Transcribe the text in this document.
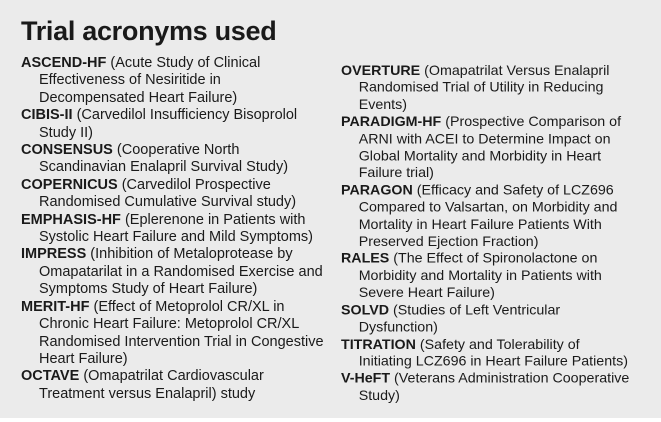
Trial acronyms used

ASCEND-HF (Acute Study of Clinical Effectiveness of Nesiritide in Decompensated Heart Failure)

CIBIS-II (Carvedilol Insufficiency Bisoprolol Study II)

CONSENSUS (Cooperative North Scandinavian Enalapril Survival Study)

COPERNICUS (Carvedilol Prospective Randomised Cumulative Survival study)

EMPHASIS-HF (Eplerenone in Patients with Systolic Heart Failure and Mild Symptoms)

IMPRESS (Inhibition of Metaloprotease by Omapatarilat in a Randomised Exercise and Symptoms Study of Heart Failure)

MERIT-HF (Effect of Metoprolol CR/XL in Chronic Heart Failure: Metoprolol CR/XL Randomised Intervention Trial in Congestive Heart Failure)

OCTAVE (Omapatrilat Cardiovascular Treatment versus Enalapril) study

OVERTURE (Omapatrilat Versus Enalapril Randomised Trial of Utility in Reducing Events)

PARADIGM-HF (Prospective Comparison of ARNI with ACEI to Determine Impact on Global Mortality and Morbidity in Heart Failure trial)

PARAGON (Efficacy and Safety of LCZ696 Compared to Valsartan, on Morbidity and Mortality in Heart Failure Patients With Preserved Ejection Fraction)

RALES (The Effect of Spironolactone on Morbidity and Mortality in Patients with Severe Heart Failure)

SOLVD (Studies of Left Ventricular Dysfunction)

TITRATION (Safety and Tolerability of Initiating LCZ696 in Heart Failure Patients)

V-HeFT (Veterans Administration Cooperative Study)
